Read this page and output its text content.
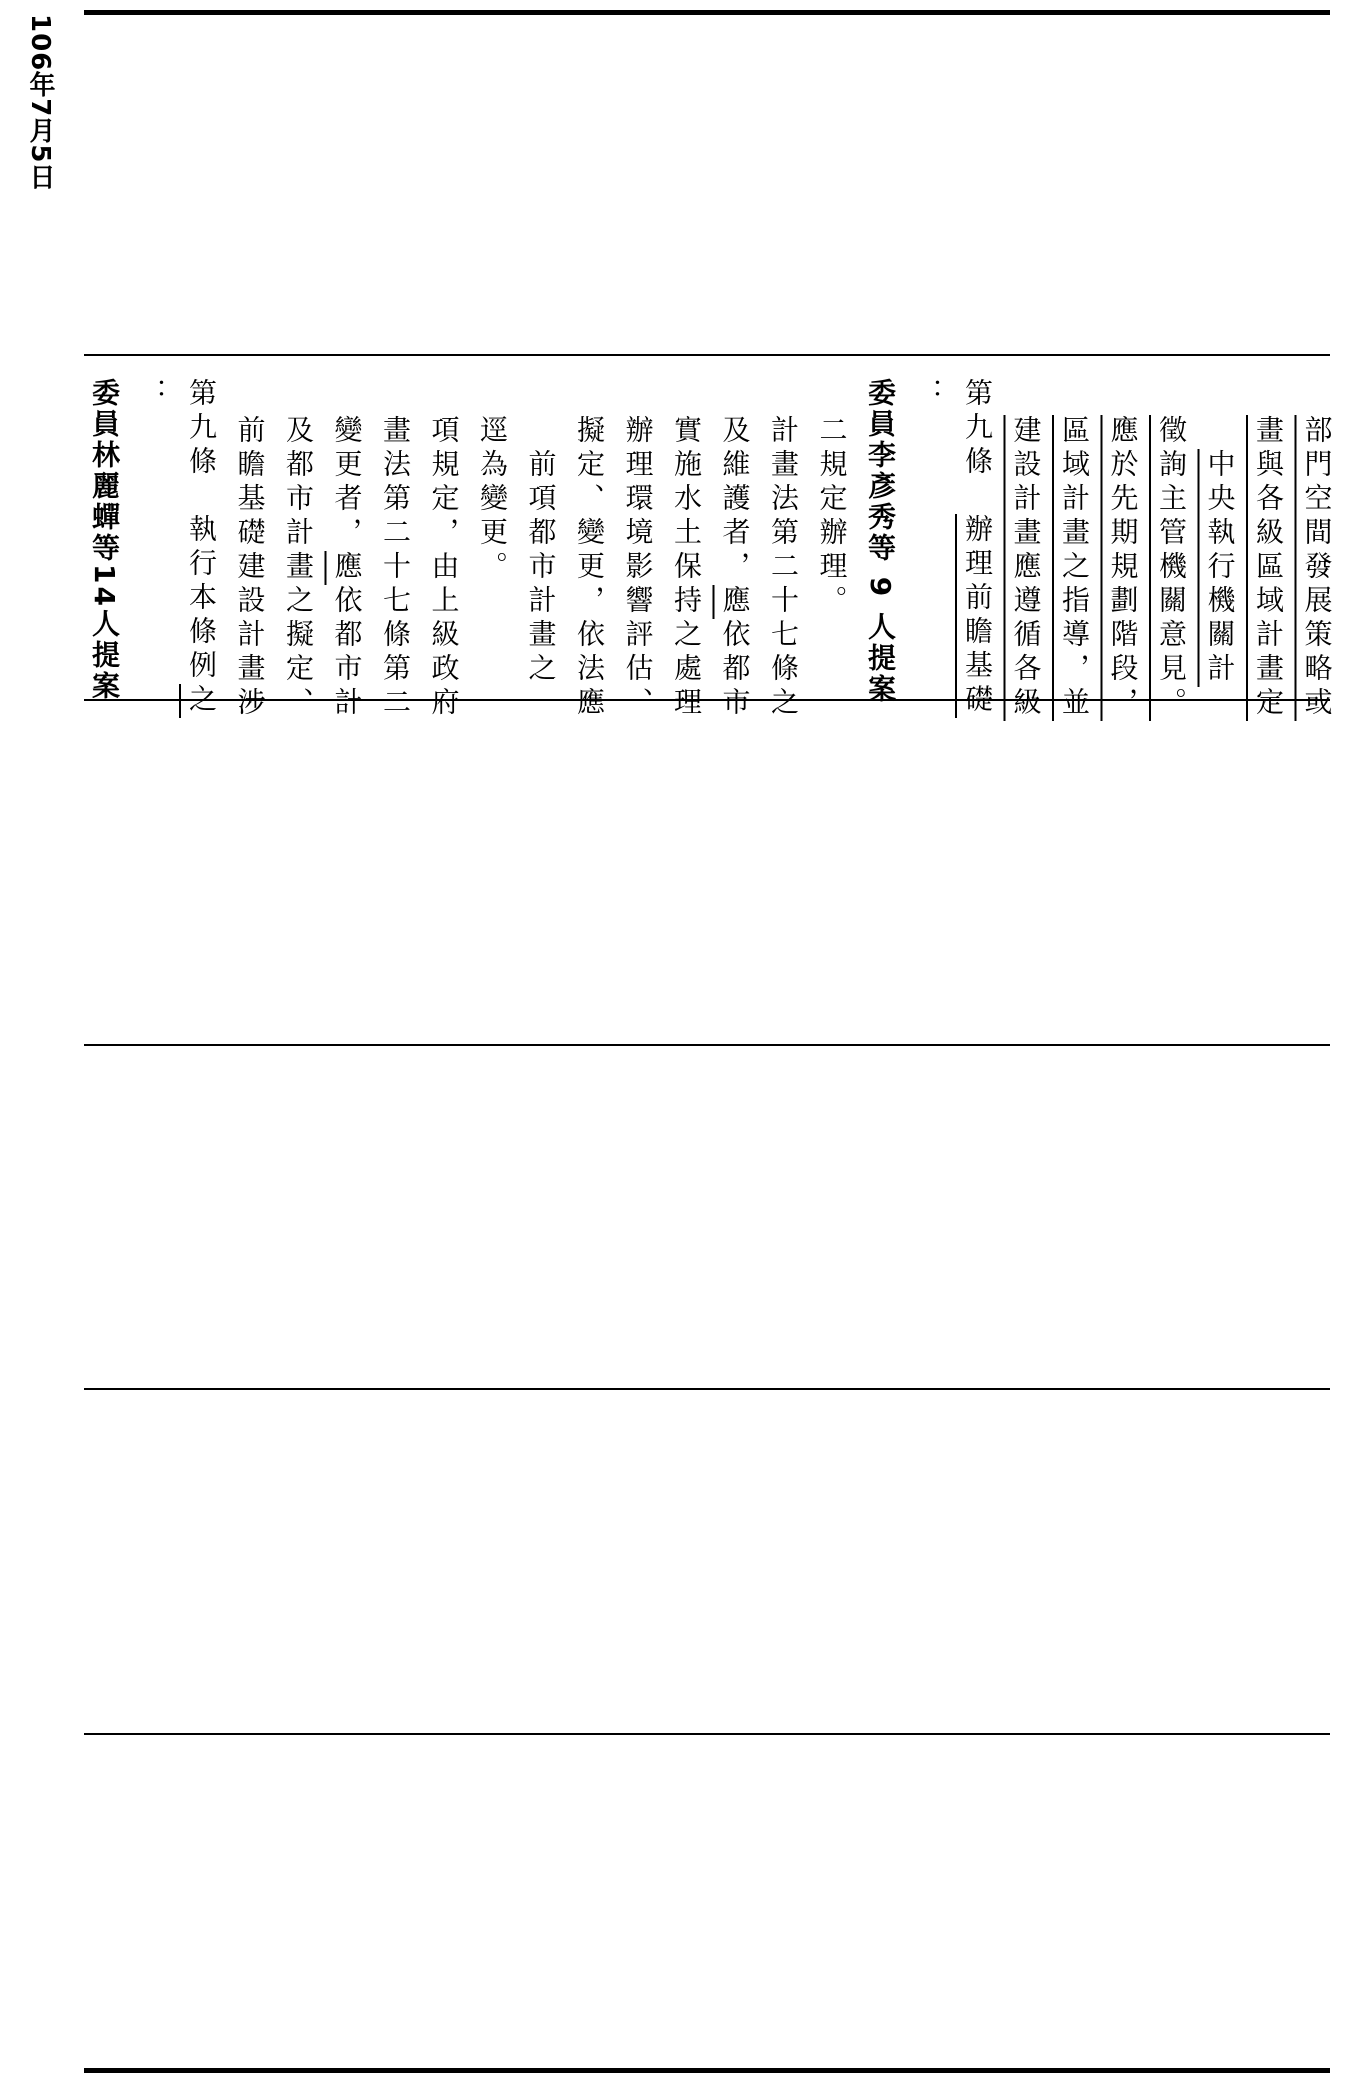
106年7月5日
委員林麗蟬等14人提案 ： 第九條　執行本條例之 前瞻基礎建設計畫涉 及都市計畫之擬定、 變更者，應依都市計 畫法第二十七條第二 項規定，由上級政府 逕為變更。 　前項都市計畫之 擬定、變更，依法應 辦理環境影響評估、 實施水土保持之處理 及維護者，應依都市 計畫法第二十七條之 二規定辦理。 委員李彥秀等 9 人提案 ： 第九條　辦理前瞻基礎 建設計畫應遵循各級 區域計畫之指導，並 應於先期規劃階段， 徵詢主管機關意見。
　 中央執行機關計 畫與各級區域計畫定 部門空間發展策略或
